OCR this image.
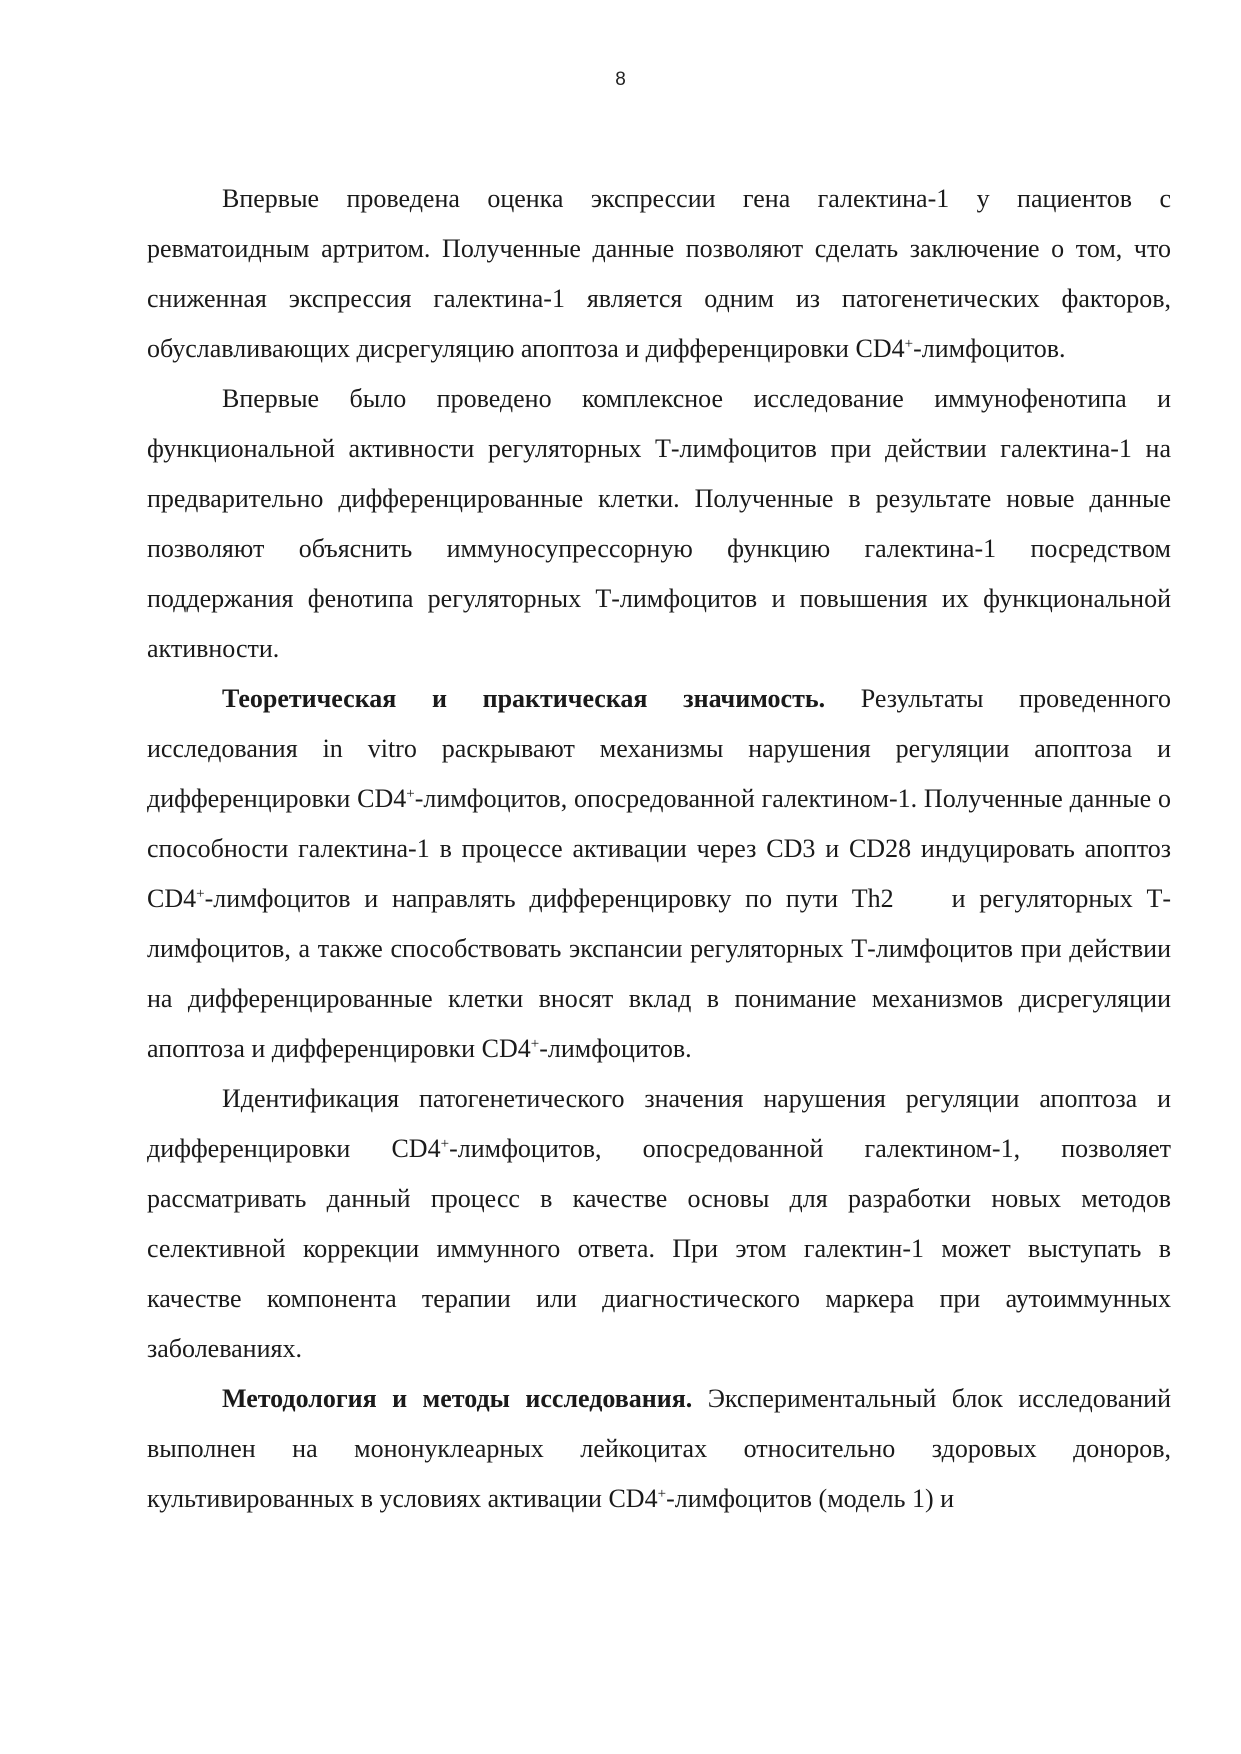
8

Впервые проведена оценка экспрессии гена галектина-1 у пациентов с ревматоидным артритом. Полученные данные позволяют сделать заключение о том, что сниженная экспрессия галектина-1 является одним из патогенетических факторов, обуславливающих дисрегуляцию апоптоза и дифференцировки CD4+-лимфоцитов.

Впервые было проведено комплексное исследование иммунофенотипа и функциональной активности регуляторных Т-лимфоцитов при действии галектина-1 на предварительно дифференцированные клетки. Полученные в результате новые данные позволяют объяснить иммуносупрессорную функцию галектина-1 посредством поддержания фенотипа регуляторных Т-лимфоцитов и повышения их функциональной активности.

Теоретическая и практическая значимость. Результаты проведенного исследования in vitro раскрывают механизмы нарушения регуляции апоптоза и дифференцировки CD4+-лимфоцитов, опосредованной галектином-1. Полученные данные о способности галектина-1 в процессе активации через CD3 и CD28 индуцировать апоптоз CD4+-лимфоцитов и направлять дифференцировку по пути Th2 и регуляторных Т-лимфоцитов, а также способствовать экспансии регуляторных Т-лимфоцитов при действии на дифференцированные клетки вносят вклад в понимание механизмов дисрегуляции апоптоза и дифференцировки CD4+-лимфоцитов.

Идентификация патогенетического значения нарушения регуляции апоптоза и дифференцировки CD4+-лимфоцитов, опосредованной галектином-1, позволяет рассматривать данный процесс в качестве основы для разработки новых методов селективной коррекции иммунного ответа. При этом галектин-1 может выступать в качестве компонента терапии или диагностического маркера при аутоиммунных заболеваниях.

Методология и методы исследования. Экспериментальный блок исследований выполнен на мононуклеарных лейкоцитах относительно здоровых доноров, культивированных в условиях активации CD4+-лимфоцитов (модель 1) и
